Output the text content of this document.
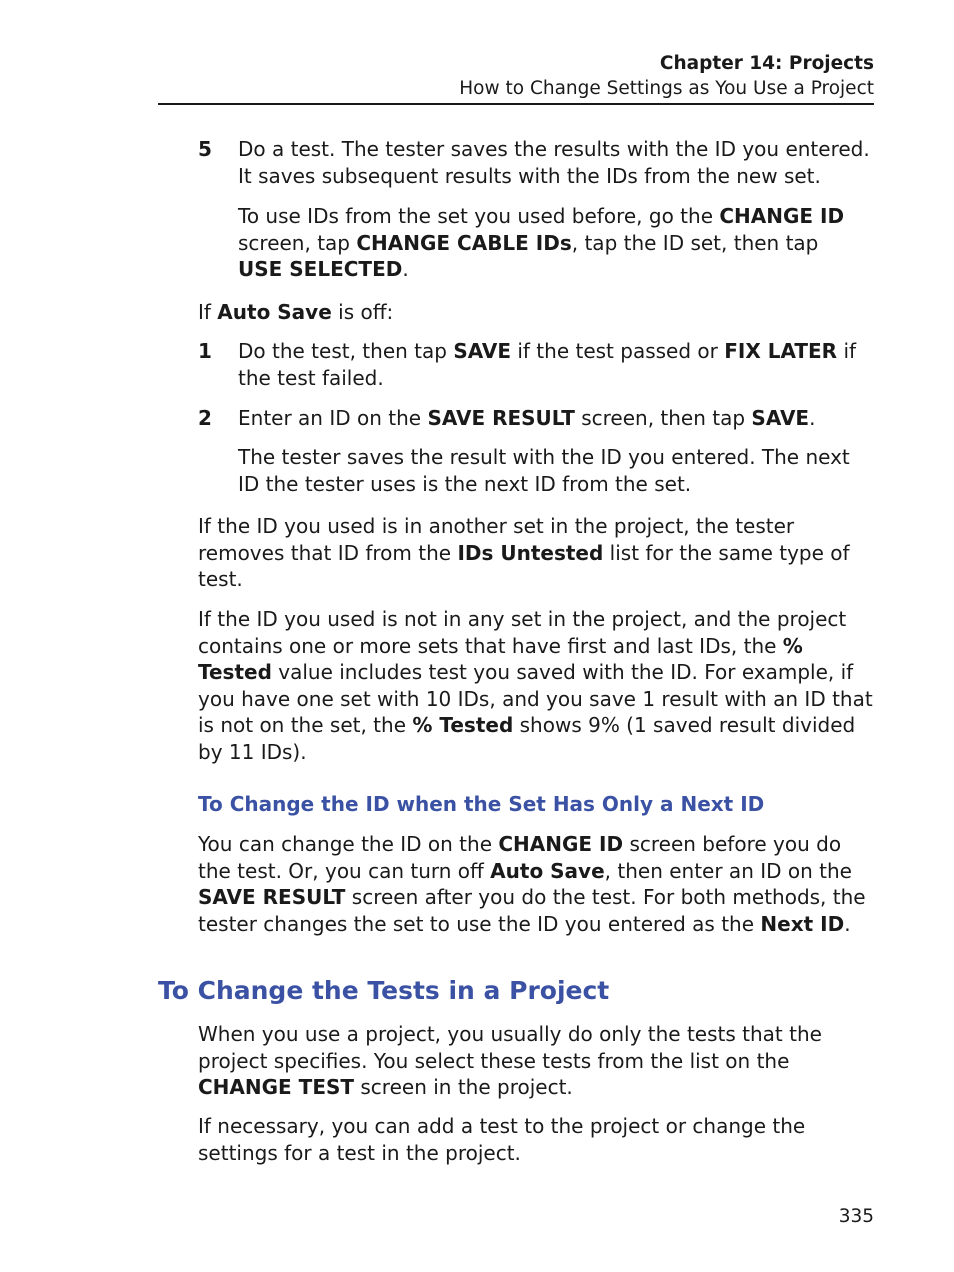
Chapter 14: Projects
How to Change Settings as You Use a Project
5 Do a test. The tester saves the results with the ID you entered. It saves subsequent results with the IDs from the new set.

To use IDs from the set you used before, go the CHANGE ID screen, tap CHANGE CABLE IDs, tap the ID set, then tap USE SELECTED.

If Auto Save is off:

1 Do the test, then tap SAVE if the test passed or FIX LATER if the test failed.

2 Enter an ID on the SAVE RESULT screen, then tap SAVE.

The tester saves the result with the ID you entered. The next ID the tester uses is the next ID from the set.

If the ID you used is in another set in the project, the tester removes that ID from the IDs Untested list for the same type of test.

If the ID you used is not in any set in the project, and the project contains one or more sets that have first and last IDs, the % Tested value includes test you saved with the ID. For example, if you have one set with 10 IDs, and you save 1 result with an ID that is not on the set, the % Tested shows 9% (1 saved result divided by 11 IDs).

To Change the ID when the Set Has Only a Next ID

You can change the ID on the CHANGE ID screen before you do the test. Or, you can turn off Auto Save, then enter an ID on the SAVE RESULT screen after you do the test. For both methods, the tester changes the set to use the ID you entered as the Next ID.

To Change the Tests in a Project

When you use a project, you usually do only the tests that the project specifies. You select these tests from the list on the CHANGE TEST screen in the project.

If necessary, you can add a test to the project or change the settings for a test in the project.

335
